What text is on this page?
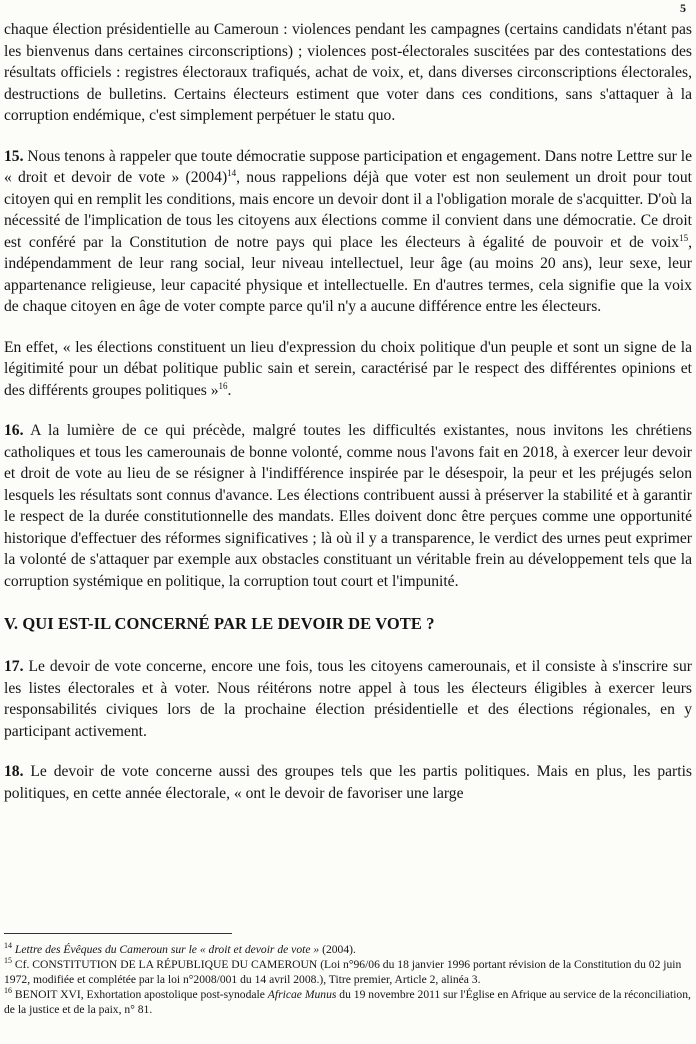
5

chaque élection présidentielle au Cameroun : violences pendant les campagnes (certains candidats n'étant pas les bienvenus dans certaines circonscriptions) ; violences post-électorales suscitées par des contestations des résultats officiels : registres électoraux trafiqués, achat de voix, et, dans diverses circonscriptions électorales, destructions de bulletins. Certains électeurs estiment que voter dans ces conditions, sans s'attaquer à la corruption endémique, c'est simplement perpétuer le statu quo.

15. Nous tenons à rappeler que toute démocratie suppose participation et engagement. Dans notre Lettre sur le « droit et devoir de vote » $(2004)^{14}$, nous rappelions déjà que voter est non seulement un droit pour tout citoyen qui en remplit les conditions, mais encore un devoir dont il a l'obligation morale de s'acquitter. D'où la nécessité de l'implication de tous les citoyens aux élections comme il convient dans une démocratie. Ce droit est conféré par la Constitution de notre pays qui place les électeurs à égalité de pouvoir et de voix$^{15}$, indépendamment de leur rang social, leur niveau intellectuel, leur âge (au moins 20 ans), leur sexe, leur appartenance religieuse, leur capacité physique et intellectuelle. En d'autres termes, cela signifie que la voix de chaque citoyen en âge de voter compte parce qu'il n'y a aucune différence entre les électeurs.

En effet, « les élections constituent un lieu d'expression du choix politique d'un peuple et sont un signe de la légitimité pour un débat politique public sain et serein, caractérisé par le respect des différentes opinions et des différents groupes politiques »$^{16}$.

16. A la lumière de ce qui précède, malgré toutes les difficultés existantes, nous invitons les chrétiens catholiques et tous les camerounais de bonne volonté, comme nous l'avons fait en 2018, à exercer leur devoir et droit de vote au lieu de se résigner à l'indifférence inspirée par le désespoir, la peur et les préjugés selon lesquels les résultats sont connus d'avance. Les élections contribuent aussi à préserver la stabilité et à garantir le respect de la durée constitutionnelle des mandats. Elles doivent donc être perçues comme une opportunité historique d'effectuer des réformes significatives ; là où il y a transparence, le verdict des urnes peut exprimer la volonté de s'attaquer par exemple aux obstacles constituant un véritable frein au développement tels que la corruption systémique en politique, la corruption tout court et l'impunité.

V. QUI EST-IL CONCERNÉ PAR LE DEVOIR DE VOTE ?

17. Le devoir de vote concerne, encore une fois, tous les citoyens camerounais, et il consiste à s'inscrire sur les listes électorales et à voter. Nous réitérons notre appel à tous les électeurs éligibles à exercer leurs responsabilités civiques lors de la prochaine élection présidentielle et des élections régionales, en y participant activement.

18. Le devoir de vote concerne aussi des groupes tels que les partis politiques. Mais en plus, les partis politiques, en cette année électorale, « ont le devoir de favoriser une large

$^{14}$ Lettre des Évêques du Cameroun sur le « droit et devoir de vote » (2004).

$^{15}$ Cf. CONSTITUTION DE LA RÉPUBLIQUE DU CAMEROUN (Loi n°96/06 du 18 janvier 1996 portant révision de la Constitution du 02 juin 1972, modifiée et complétée par la loi n°2008/001 du 14 avril 2008.), Titre premier, Article 2, alinéa 3.

$^{16}$ BENOIT XVI, Exhortation apostolique post-synodale Africae Munus du 19 novembre 2011 sur l'Église en Afrique au service de la réconciliation, de la justice et de la paix, n° 81.
